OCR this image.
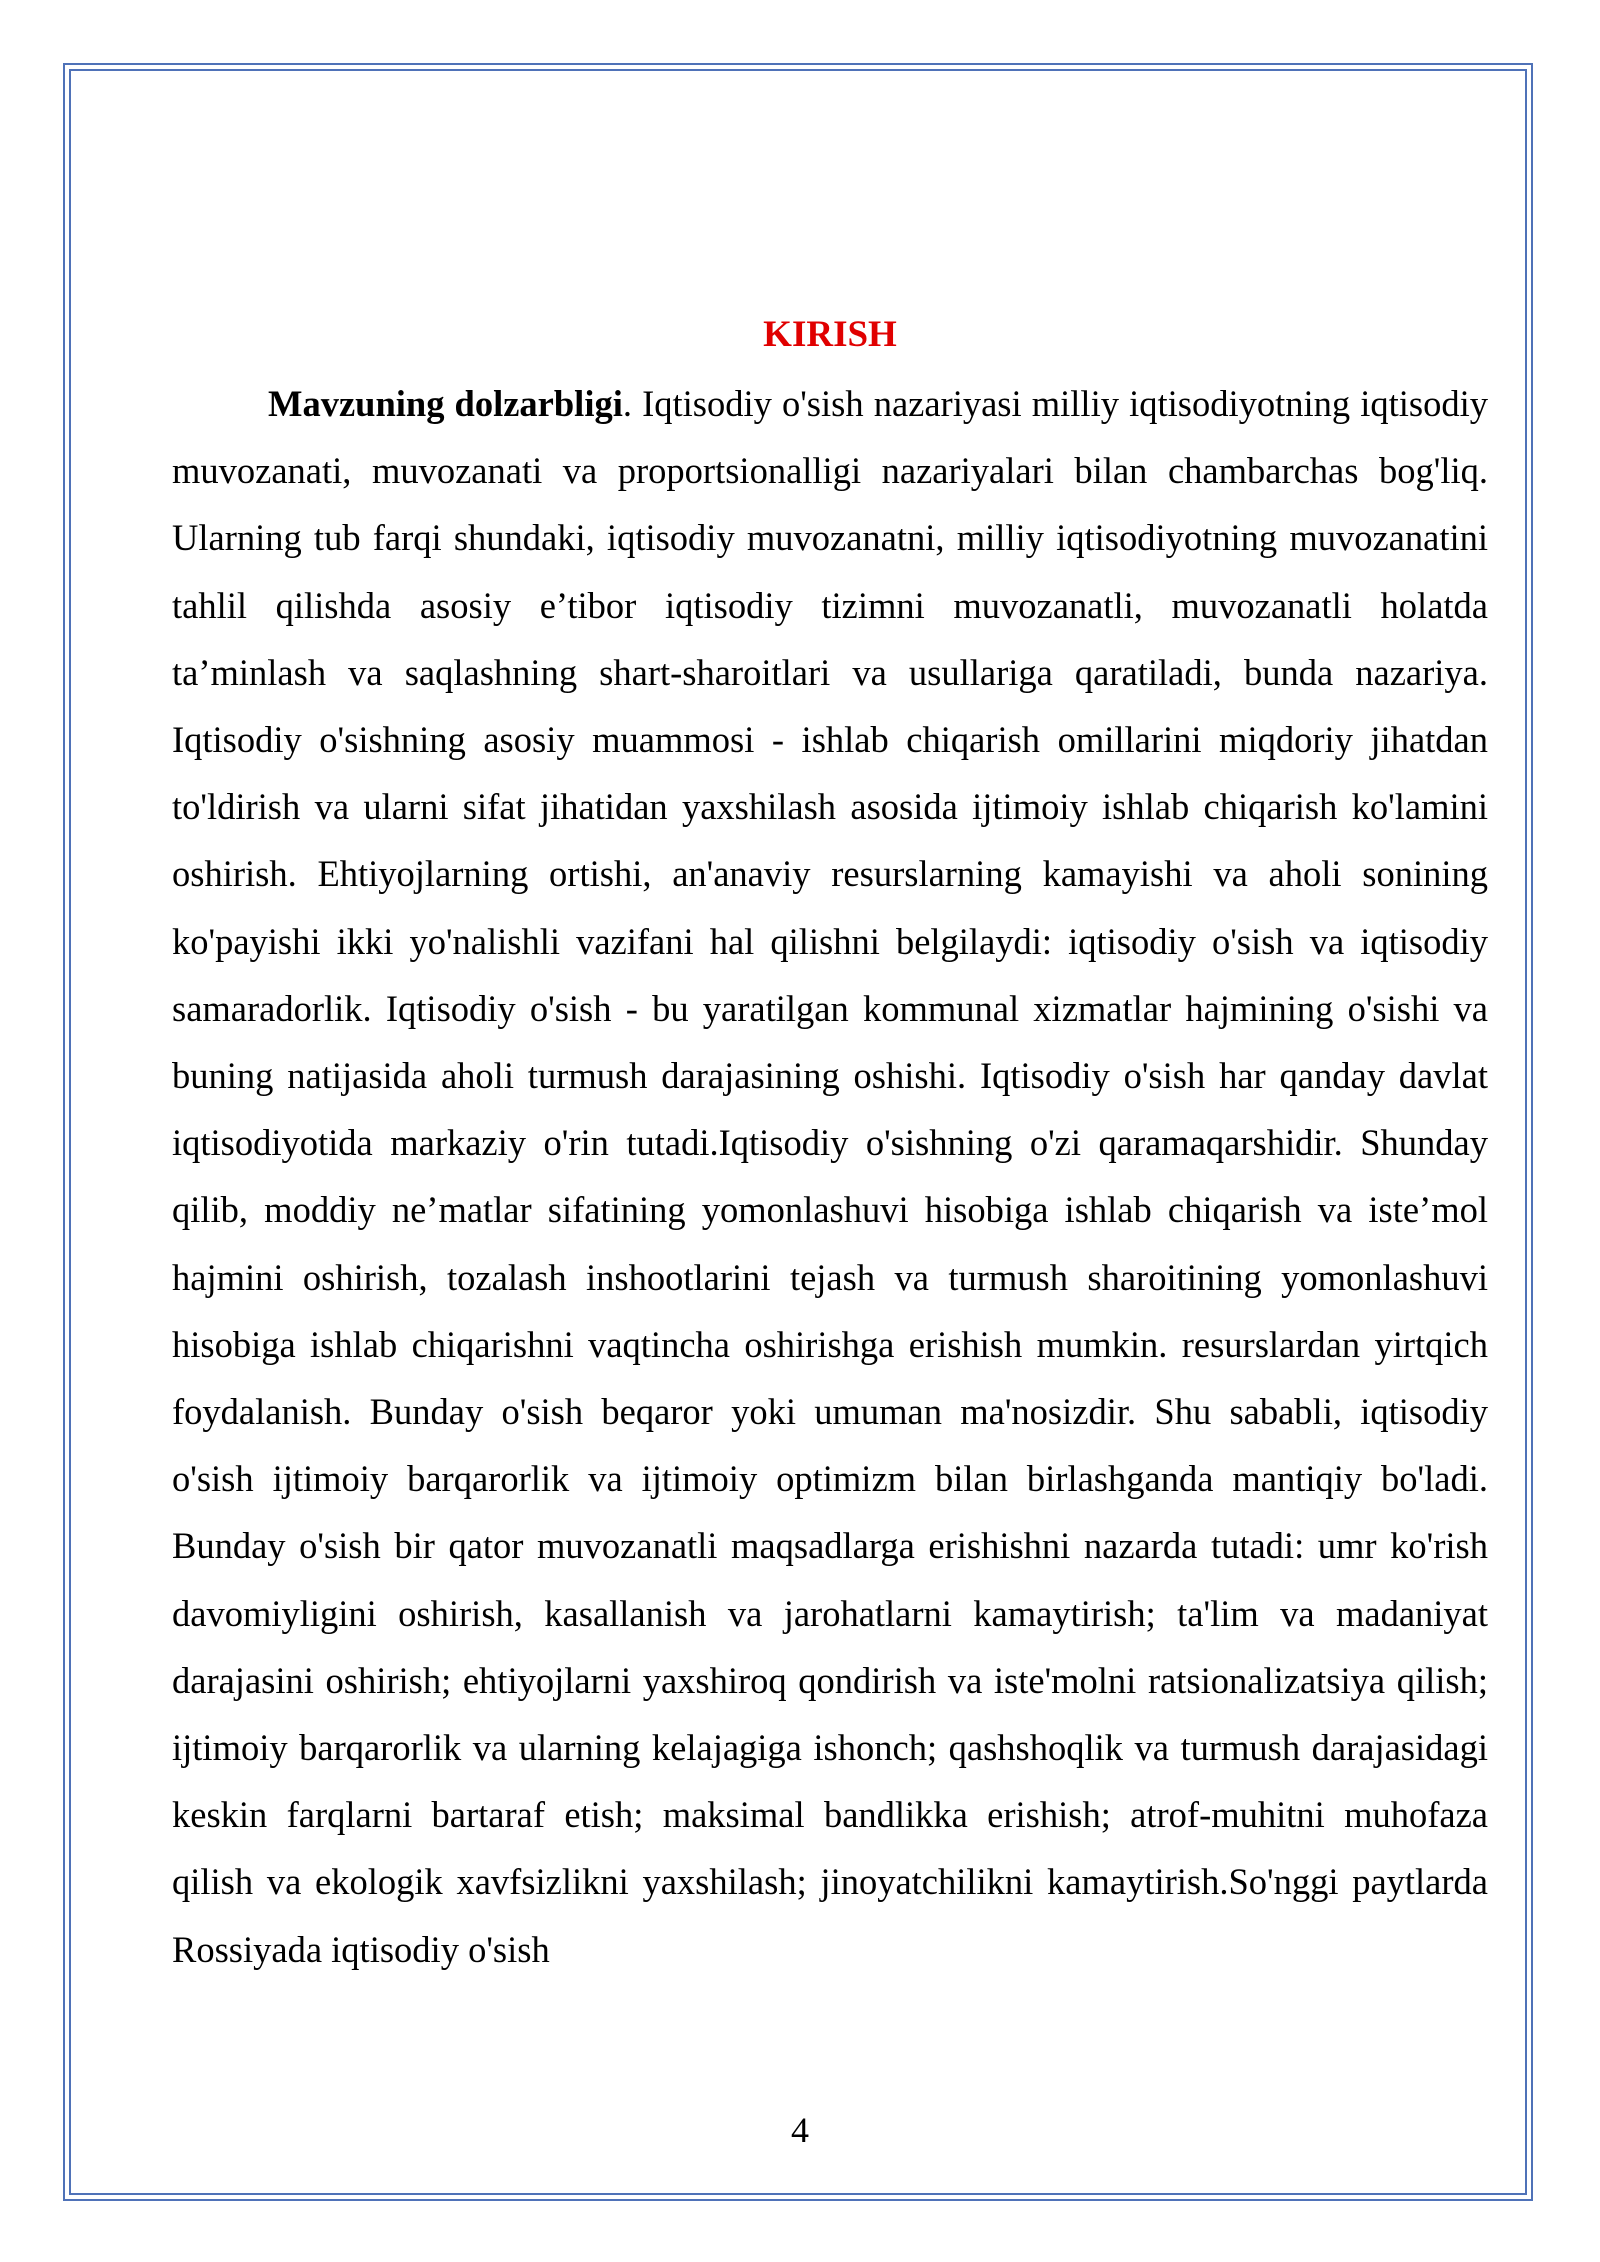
KIRISH

Mavzuning dolzarbligi. Iqtisodiy o'sish nazariyasi milliy iqtisodiyotning iqtisodiy muvozanati, muvozanati va proportsionalligi nazariyalari bilan chambarchas bog'liq. Ularning tub farqi shundaki, iqtisodiy muvozanatni, milliy iqtisodiyotning muvozanatini tahlil qilishda asosiy e’tibor iqtisodiy tizimni muvozanatli, muvozanatli holatda ta’minlash va saqlashning shart-sharoitlari va usullariga qaratiladi, bunda nazariya. Iqtisodiy o'sishning asosiy muammosi - ishlab chiqarish omillarini miqdoriy jihatdan to'ldirish va ularni sifat jihatidan yaxshilash asosida ijtimoiy ishlab chiqarish ko'lamini oshirish. Ehtiyojlarning ortishi, an'anaviy resurslarning kamayishi va aholi sonining ko'payishi ikki yo'nalishli vazifani hal qilishni belgilaydi: iqtisodiy o'sish va iqtisodiy samaradorlik. Iqtisodiy o'sish - bu yaratilgan kommunal xizmatlar hajmining o'sishi va buning natijasida aholi turmush darajasining oshishi. Iqtisodiy o'sish har qanday davlat iqtisodiyotida markaziy o'rin tutadi.Iqtisodiy o'sishning o'zi qaramaqarshidir. Shunday qilib, moddiy ne’matlar sifatining yomonlashuvi hisobiga ishlab chiqarish va iste’mol hajmini oshirish, tozalash inshootlarini tejash va turmush sharoitining yomonlashuvi hisobiga ishlab chiqarishni vaqtincha oshirishga erishish mumkin. resurslardan yirtqich foydalanish. Bunday o'sish beqaror yoki umuman ma'nosizdir. Shu sababli, iqtisodiy o'sish ijtimoiy barqarorlik va ijtimoiy optimizm bilan birlashganda mantiqiy bo'ladi. Bunday o'sish bir qator muvozanatli maqsadlarga erishishni nazarda tutadi: umr ko'rish davomiyligini oshirish, kasallanish va jarohatlarni kamaytirish; ta'lim va madaniyat darajasini oshirish; ehtiyojlarni yaxshiroq qondirish va iste'molni ratsionalizatsiya qilish; ijtimoiy barqarorlik va ularning kelajagiga ishonch; qashshoqlik va turmush darajasidagi keskin farqlarni bartaraf etish; maksimal bandlikka erishish; atrof-muhitni muhofaza qilish va ekologik xavfsizlikni yaxshilash; jinoyatchilikni kamaytirish.So'nggi paytlarda Rossiyada iqtisodiy o'sish

4
